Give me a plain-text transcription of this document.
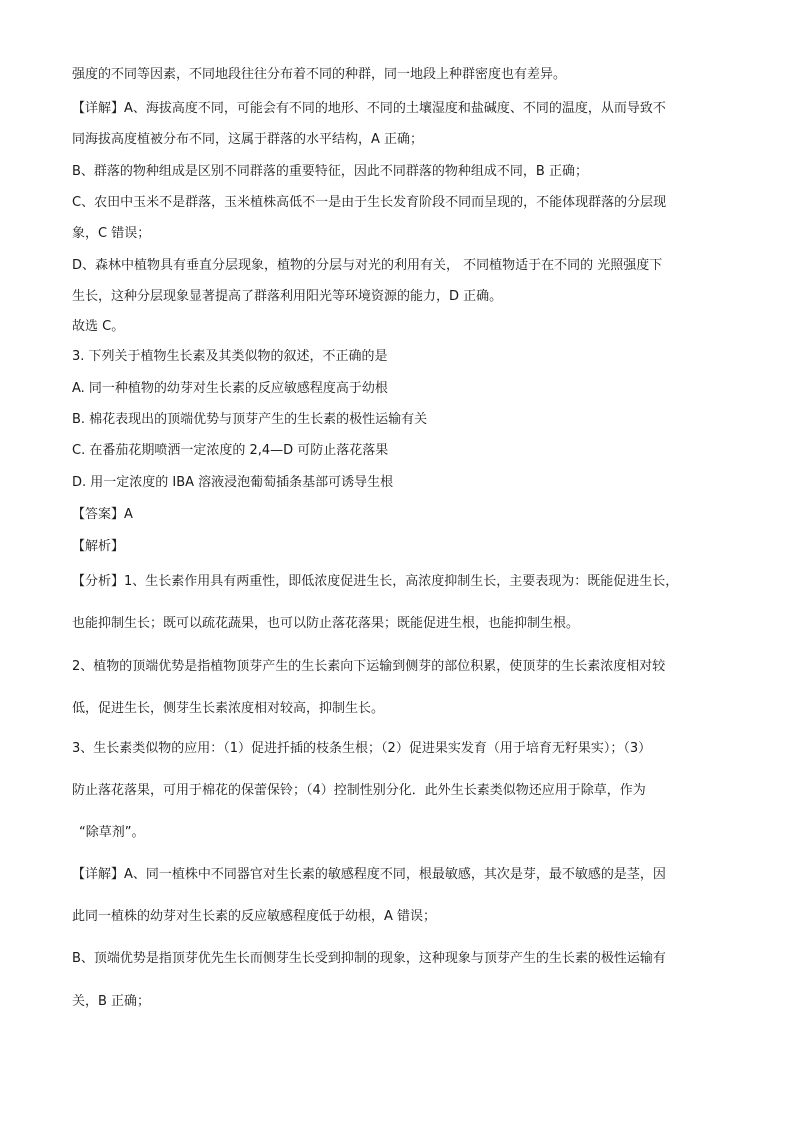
强度的不同等因素，不同地段往往分布着不同的种群，同一地段上种群密度也有差异。
【详解】A、海拔高度不同，可能会有不同的地形、不同的土壤湿度和盐碱度、不同的温度，从而导致不
同海拔高度植被分布不同，这属于群落的水平结构，A 正确；
B、群落的物种组成是区别不同群落的重要特征，因此不同群落的物种组成不同，B 正确；
C、农田中玉米不是群落，玉米植株高低不一是由于生长发育阶段不同而呈现的，不能体现群落的分层现
象，C 错误；
D、森林中植物具有垂直分层现象，植物的分层与对光的利用有关， 不同植物适于在不同的 光照强度下
生长，这种分层现象显著提高了群落利用阳光等环境资源的能力，D 正确。
故选 C。
3. 下列关于植物生长素及其类似物的叙述，不正确的是
A. 同一种植物的幼芽对生长素的反应敏感程度高于幼根
B. 棉花表现出的顶端优势与顶芽产生的生长素的极性运输有关
C. 在番茄花期喷洒一定浓度的 2,4—D 可防止落花落果
D. 用一定浓度的 IBA 溶液浸泡葡萄插条基部可诱导生根
【答案】A
【解析】
【分析】1、生长素作用具有两重性，即低浓度促进生长，高浓度抑制生长，主要表现为：既能促进生长，
也能抑制生长；既可以疏花蔬果，也可以防止落花落果；既能促进生根，也能抑制生根。
2、植物的顶端优势是指植物顶芽产生的生长素向下运输到侧芽的部位积累，使顶芽的生长素浓度相对较
低，促进生长，侧芽生长素浓度相对较高，抑制生长。
3、生长素类似物的应用：（1）促进扦插的枝条生根；（2）促进果实发育（用于培育无籽果实）；（3）
防止落花落果，可用于棉花的保蕾保铃；（4）控制性别分化．此外生长素类似物还应用于除草，作为
“除草剂”。
【详解】A、同一植株中不同器官对生长素的敏感程度不同，根最敏感，其次是芽，最不敏感的是茎，因
此同一植株的幼芽对生长素的反应敏感程度低于幼根，A 错误；
B、顶端优势是指顶芽优先生长而侧芽生长受到抑制的现象，这种现象与顶芽产生的生长素的极性运输有
关，B 正确；
